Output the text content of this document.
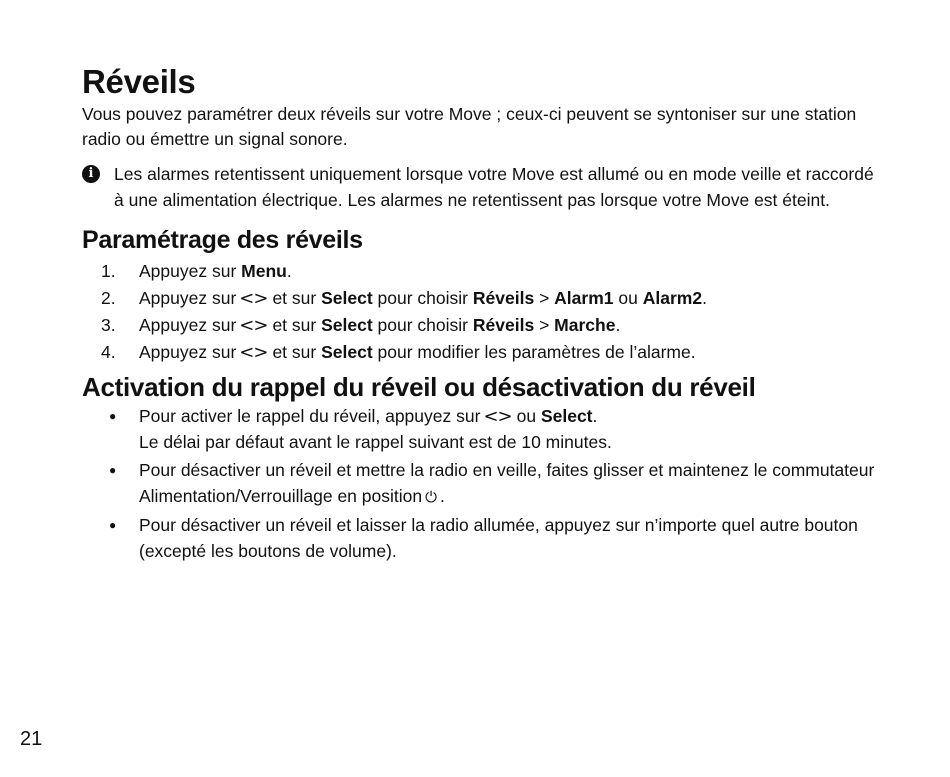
Réveils

Vous pouvez paramétrer deux réveils sur votre Move ; ceux-ci peuvent se syntoniser sur une station radio ou émettre un signal sonore.

i	Les alarmes retentissent uniquement lorsque votre Move est allumé ou en mode veille et raccordé à une alimentation électrique. Les alarmes ne retentissent pas lorsque votre Move est éteint.
Paramétrage des réveils
1.	Appuyez sur Menu.
2.	Appuyez sur <> et sur Select pour choisir Réveils > Alarm1 ou Alarm2.
3.	Appuyez sur <> et sur Select pour choisir Réveils > Marche.
4.	Appuyez sur <> et sur Select pour modifier les paramètres de l’alarme.
Activation du rappel du réveil ou désactivation du réveil
●	Pour activer le rappel du réveil, appuyez sur <> ou Select.
Le délai par défaut avant le rappel suivant est de 10 minutes.
●	Pour désactiver un réveil et mettre la radio en veille, faites glisser et maintenez le commutateur Alimentation/Verrouillage en position ⏻ .
●	Pour désactiver un réveil et laisser la radio allumée, appuyez sur n’importe quel autre bouton (excepté les boutons de volume).
21
